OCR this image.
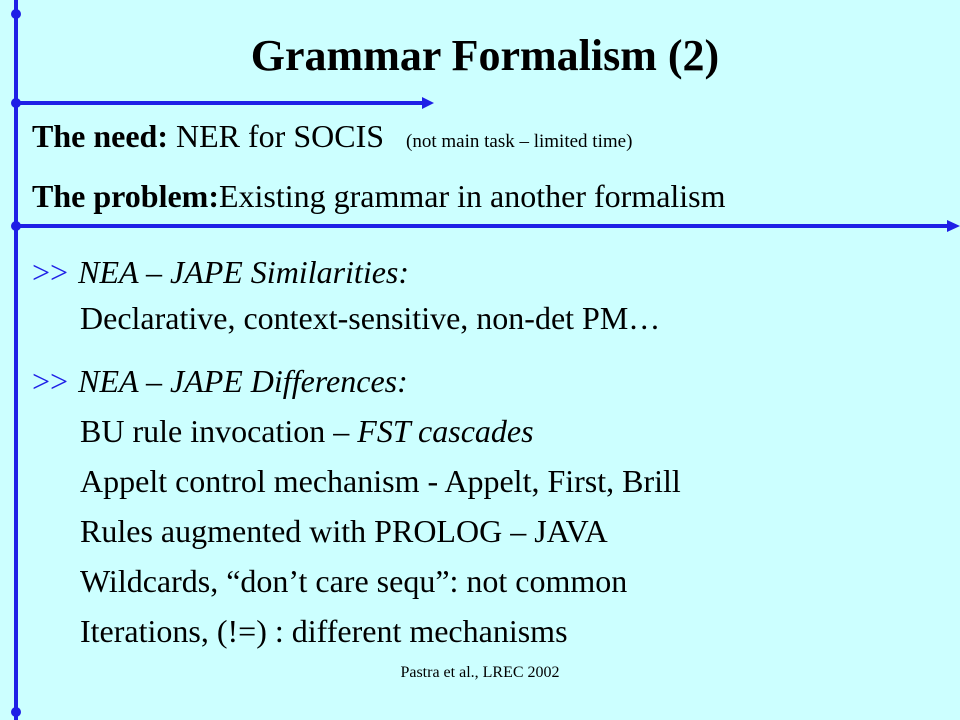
Grammar Formalism (2)
The need: NER for SOCIS (not main task – limited time)
The problem:Existing grammar in another formalism
>> NEA – JAPE Similarities:
Declarative, context-sensitive, non-det PM…
>> NEA – JAPE Differences:
BU rule invocation – FST cascades
Appelt control mechanism - Appelt, First, Brill
Rules augmented with PROLOG – JAVA
Wildcards, “don’t care sequ”: not common
Iterations, (!=) : different mechanisms
Pastra et al., LREC 2002
